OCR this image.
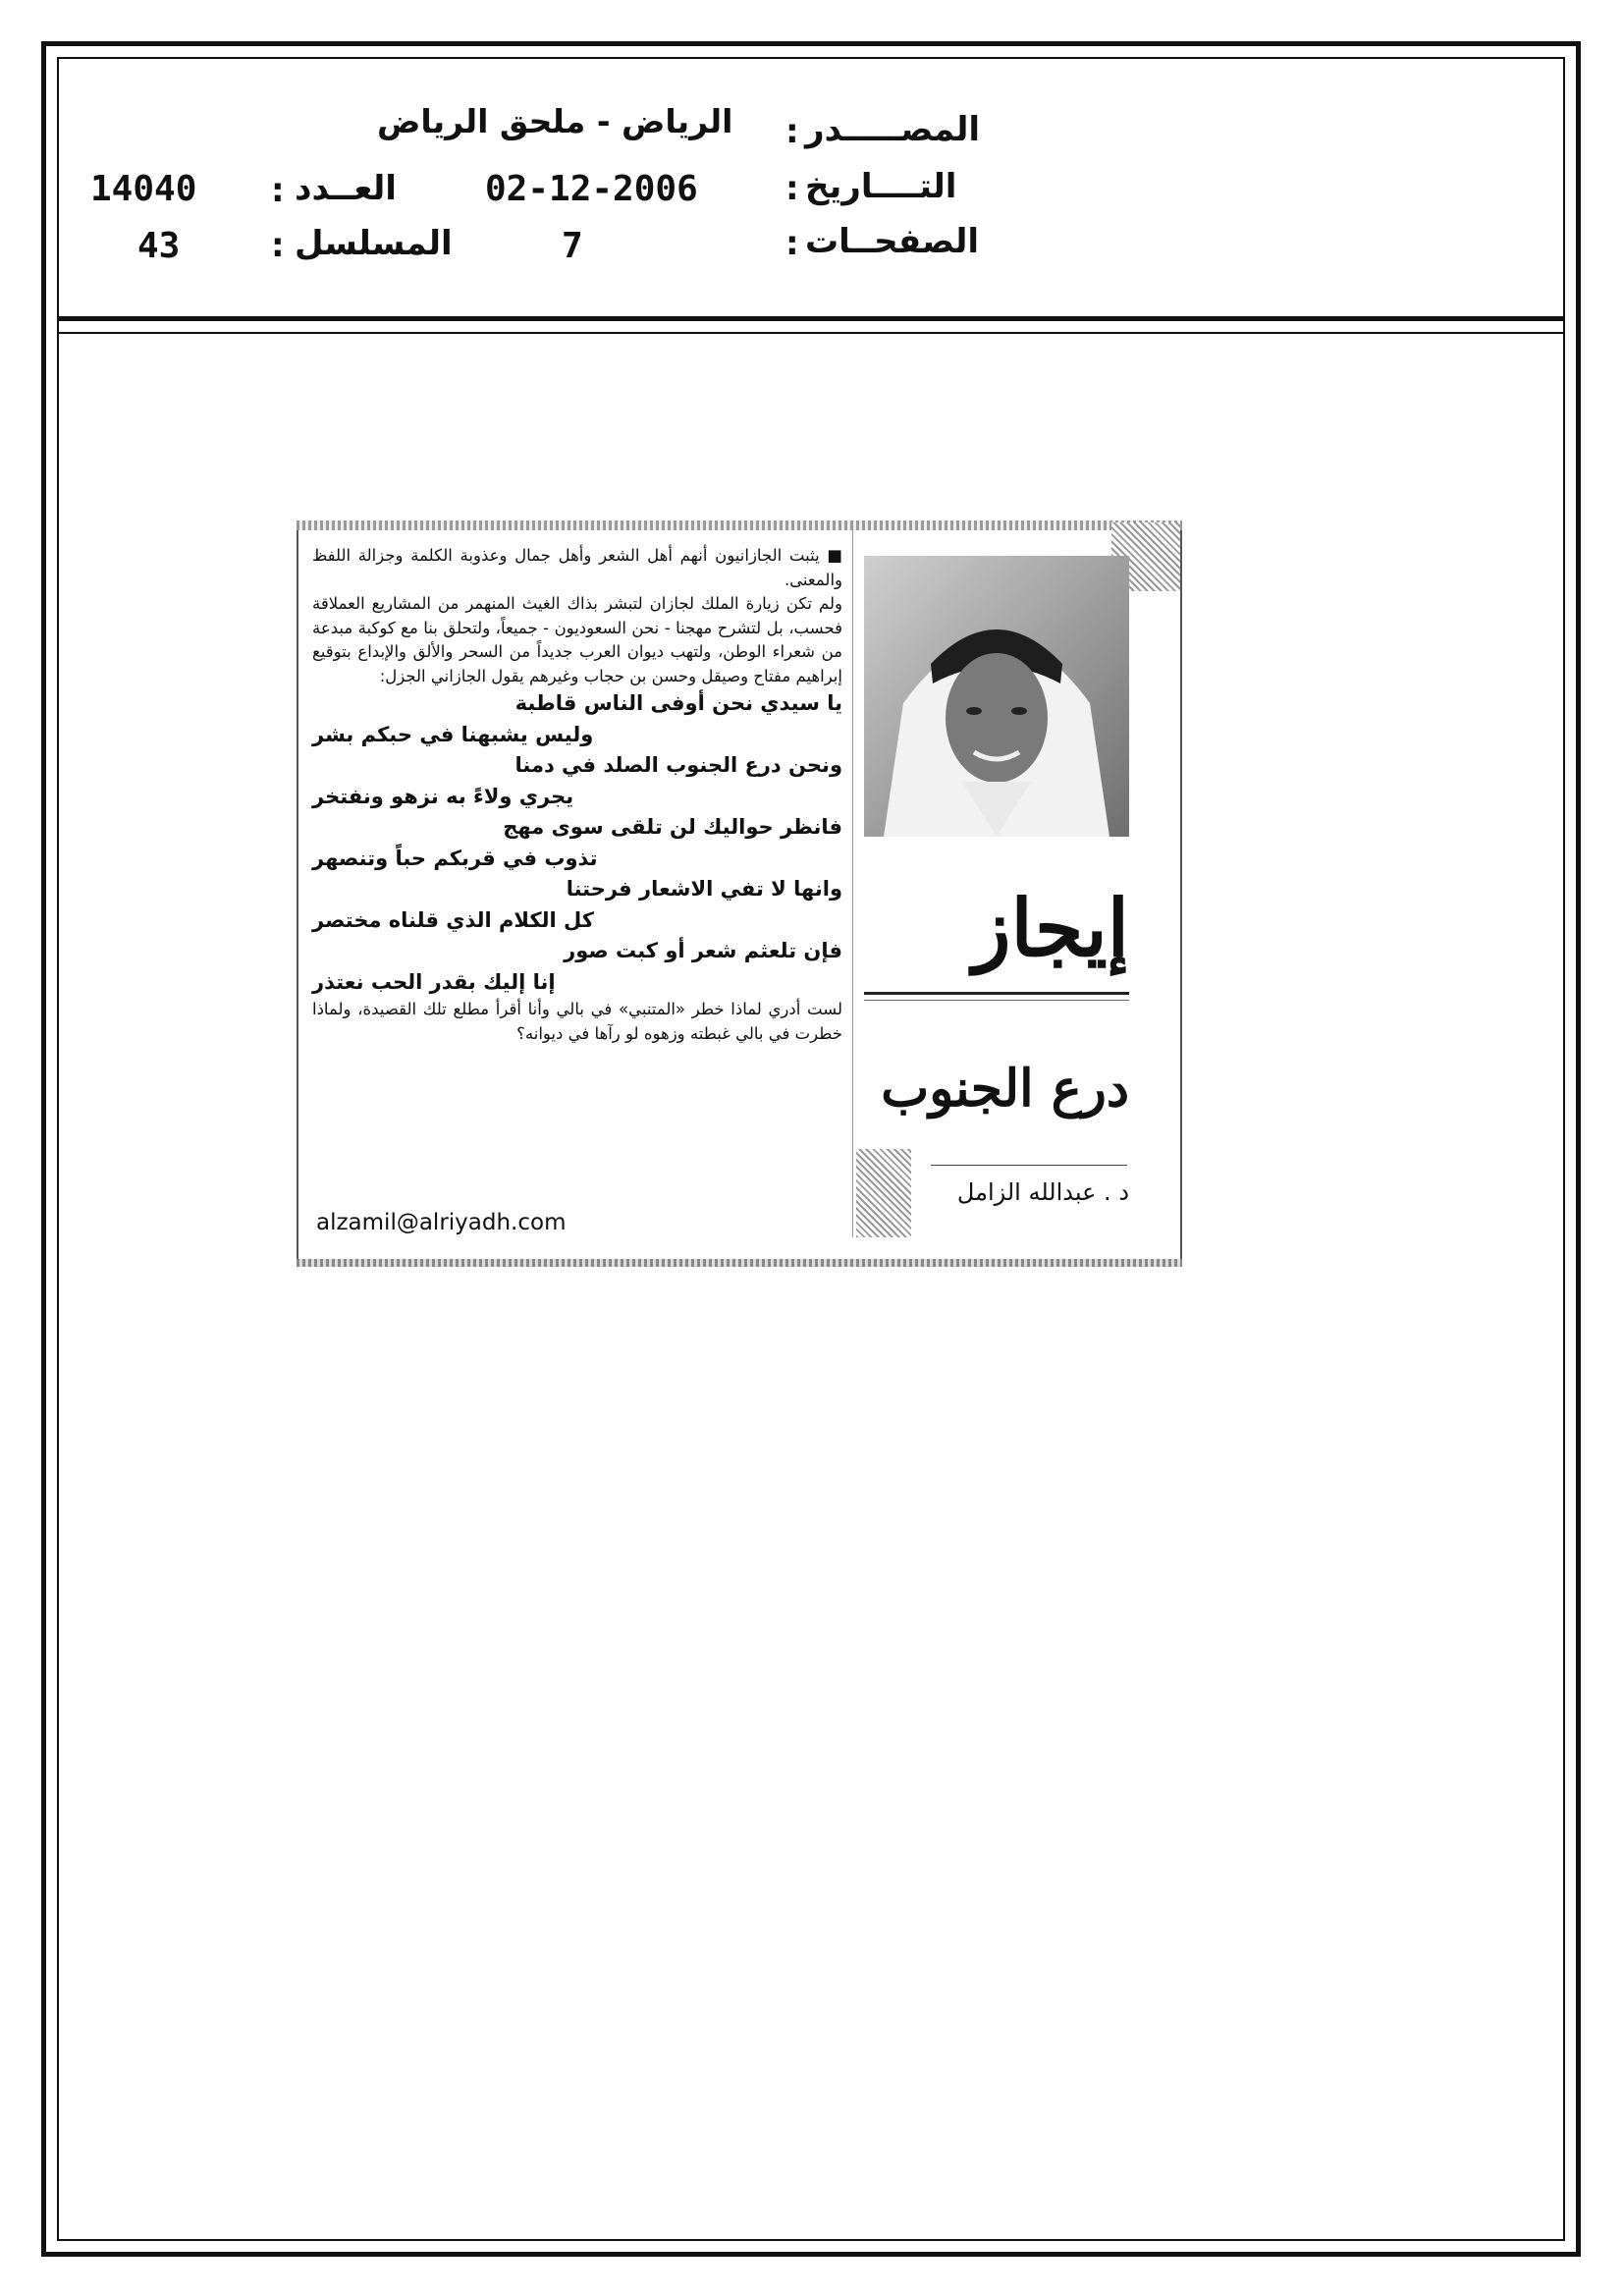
المصـــــدر
:
الرياض - ملحق الرياض
التــــاريخ
:
02-12-2006
العــدد
:
14040
الصفحــات
:
7
المسلسل
:
43
إيجاز
درع الجنوب
د . عبدالله الزامل

■ يثبت الجازانيون أنهم أهل الشعر وأهل جمال وعذوبة الكلمة وجزالة اللفظ والمعنى.

ولم تكن زيارة الملك لجازان لتبشر بذاك الغيث المنهمر من المشاريع العملاقة فحسب، بل لتشرح مهجنا - نحن السعوديون - جميعاً، ولتحلق بنا مع كوكبة مبدعة من شعراء الوطن، ولتهب ديوان العرب جديداً من السحر والألق والإبداع بتوقيع إبراهيم مفتاح وصيقل وحسن بن حجاب وغيرهم يقول الجازاني الجزل:

يا سيدي نحن أوفى الناس قاطبة

وليس يشبهنا في حبكم بشر

ونحن درع الجنوب الصلد في دمنا

يجري ولاءً به نزهو ونفتخر

فانظر حواليك لن تلقى سوى مهج

تذوب في قربكم حباً وتنصهر

وانها لا تفي الاشعار فرحتنا

كل الكلام الذي قلناه مختصر

فإن تلعثم شعر أو كبت صور

إنا إليك بقدر الحب نعتذر

لست أدري لماذا خطر «المتنبي» في بالي وأنا أقرأ مطلع تلك القصيدة، ولماذا خطرت في بالي غبطته وزهوه لو رآها في ديوانه؟

alzamil@alriyadh.com
